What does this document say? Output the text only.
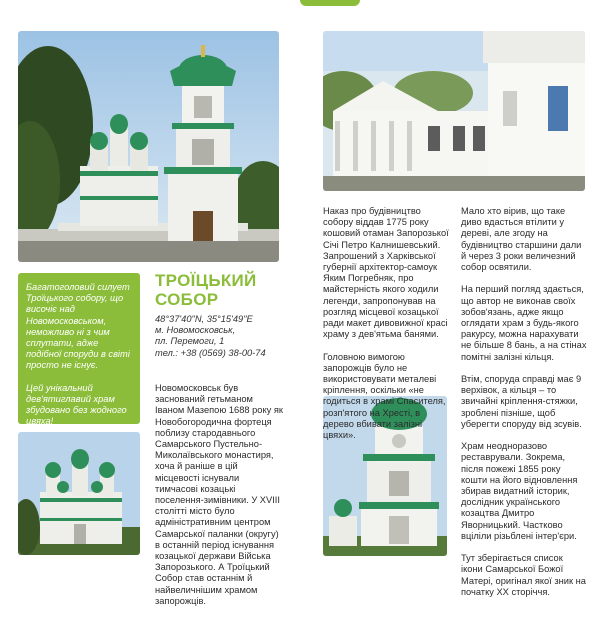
Багатоголовий силует Троїцького собору, що височіє над Новомосковськом, неможливо ні з чим сплутати, адже подібної споруди в світі просто не існує.

Цей унікальний дев'ятиглавий храм збудовано без жодного цвяха!

ТРОЇЦЬКИЙ
СОБОР
48°37'40"N, 35°15'49"E
м. Новомосковськ,
пл. Перемоги, 1
тел.: +38 (0569) 38-00-74

Новомосковськ був заснований гетьманом Іваном Мазепою 1688 року як Новобогородична фортеця поблизу стародавнього Самарського Пустельно-Миколаївського монастиря, хоча й раніше в цій місцевості існували тимчасові козацькі поселення-зимівники. У XVIII столітті місто було адміністративним центром Самарської паланки (округу) в останній період існування козацької держави Війська Запорозького. А Троїцький Собор став останнім й найвеличнішим храмом запорожців.

Наказ про будівництво собору віддав 1775 року кошовий отаман Запорозької Січі Петро Калнишевський. Запрошений з Харківської губернії архітектор-самоук Яким Погребняк, про майстерність якого ходили легенди, запропонував на розгляд місцевої козацької ради макет дивовижної красі храму з дев'ятьма банями.

Головною вимогою запорожців було не використовувати металеві кріплення, оскільки «не годиться в храмі Спасителя, розп'ятого на Хресті, в дерево вбивати залізні цвяхи».

Мало хто вірив, що таке диво вдасться втілити у дереві, але згоду на будівництво старшини дали й через 3 роки величезний собор освятили.

На перший погляд здається, що автор не виконав своїх зобов'язань, адже якщо оглядати храм з будь-якого ракурсу, можна нарахувати не більше 8 бань, а на стінах помітні залізні кільця.

Втім, споруда справді має 9 верхівок, а кільця – то звичайні кріплення-стяжки, зроблені пізніше, щоб уберегти споруду від зсувів.

Храм неодноразово реставрували. Зокрема, після пожежі 1855 року кошти на його відновлення збирав видатний історик, дослідник українського козацтва Дмитро Яворницький. Частково вціліли різьблені інтер'єри.

Тут зберігається список ікони Самарської Божої Матері, оригінал якої зник на початку XX сторіччя.
